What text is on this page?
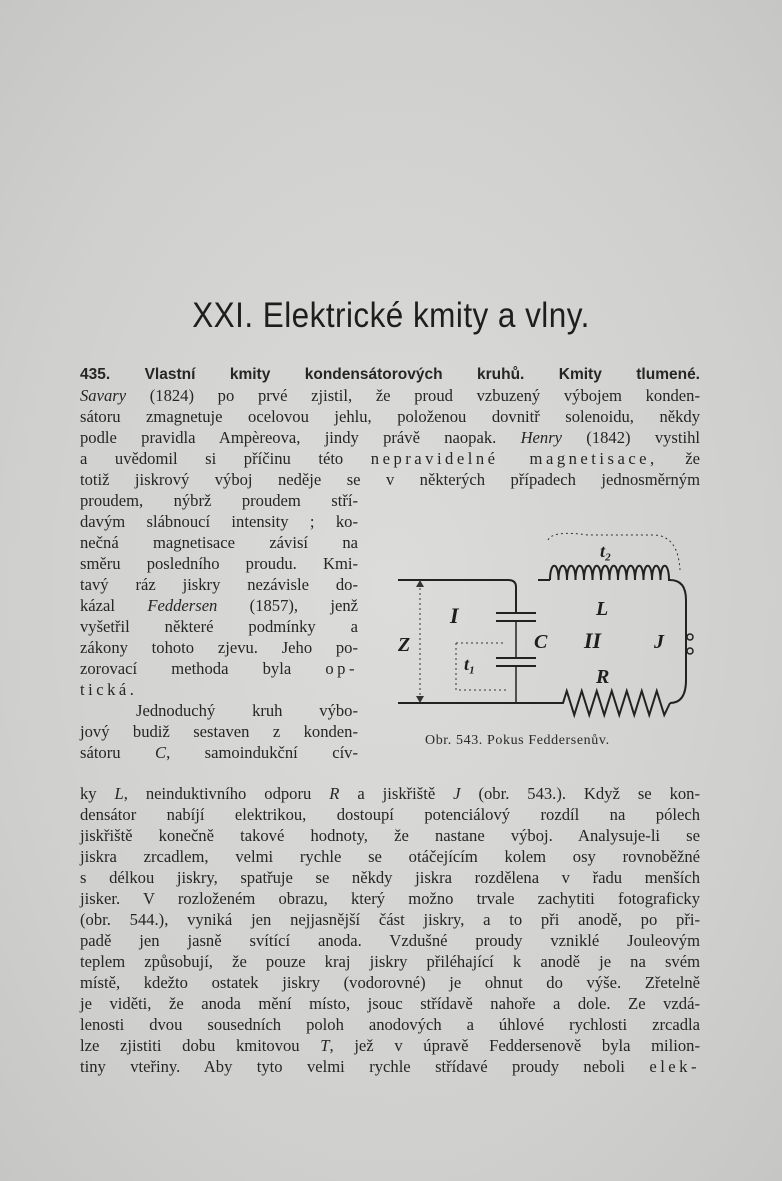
XXI. Elektrické kmity a vlny.
435. Vlastní kmity kondensátorových kruhů. Kmity tlumené.
Savary (1824) po prvé zjistil, že proud vzbuzený výbojem konden-
sátoru zmagnetuje ocelovou jehlu, položenou dovnitř solenoidu, někdy
podle pravidla Ampèreova, jindy právě naopak. Henry (1842) vystihl
a uvědomil si příčinu této nepravidelné magnetisace, že
totiž jiskrový výboj neděje se v některých případech jednosměrným
proudem, nýbrž proudem stří-
davým slábnoucí intensity ; ko-
nečná magnetisace závisí na
směru posledního proudu. Kmi-
tavý ráz jiskry nezávisle do-
kázal Feddersen (1857), jenž
vyšetřil některé podmínky a
zákony tohoto zjevu. Jeho po-
zorovací methoda byla op-
tická.
Jednoduchý kruh výbo-
jový budiž sestaven z konden-
sátoru C, samoindukční cív-
ky L, neinduktivního odporu R a jiskřiště J (obr. 543.). Když se kon-
densátor nabíjí elektrikou, dostoupí potenciálový rozdíl na pólech
jiskřiště konečně takové hodnoty, že nastane výboj. Analysuje-li se
jiskra zrcadlem, velmi rychle se otáčejícím kolem osy rovnoběžné
s délkou jiskry, spatřuje se někdy jiskra rozdělena v řadu menších
jisker. V rozloženém obrazu, který možno trvale zachytiti fotograficky
(obr. 544.), vyniká jen nejjasnější část jiskry, a to při anodě, po při-
padě jen jasně svítící anoda. Vzdušné proudy vzniklé Jouleovým
teplem způsobují, že pouze kraj jiskry přiléhající k anodě je na svém
místě, kdežto ostatek jiskry (vodorovné) je ohnut do výše. Zřetelně
je viděti, že anoda mění místo, jsouc střídavě nahoře a dole. Ze vzdá-
lenosti dvou sousedních poloh anodových a úhlové rychlosti zrcadla
lze zjistiti dobu kmitovou T, jež v úpravě Feddersenově byla milion-
tiny vteřiny. Aby tyto velmi rychle střídavé proudy neboli elek-
t₂
t₁
I
II
C
L
R
J
Z
Obr. 543. Pokus Feddersenův.
